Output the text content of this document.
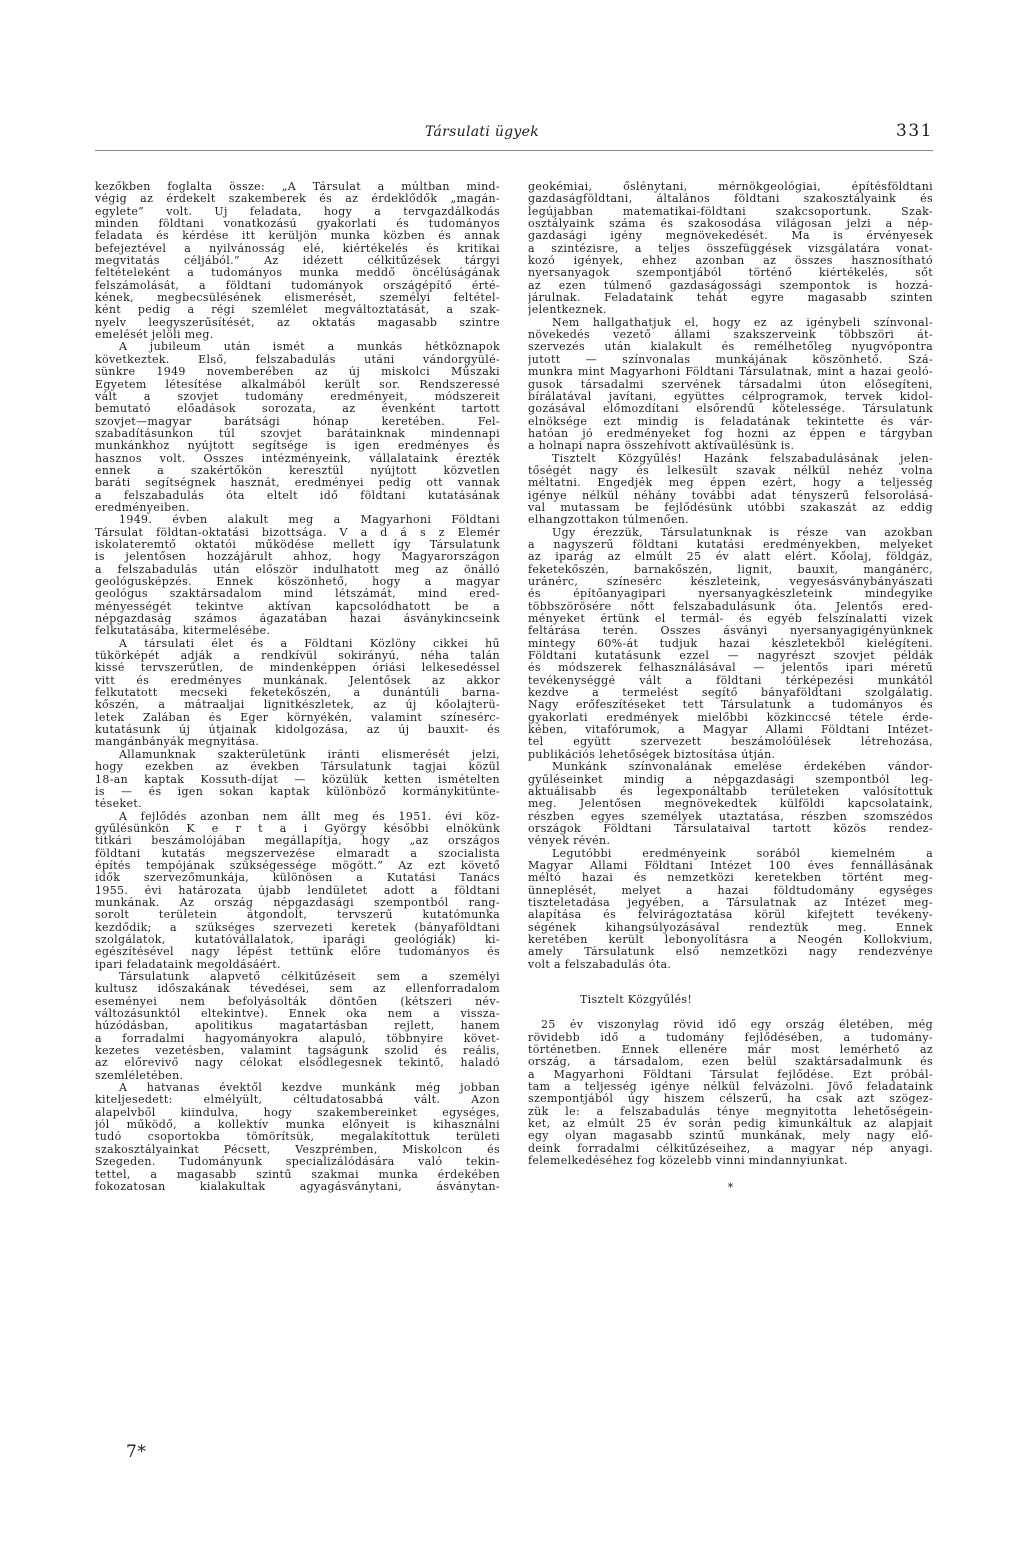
Társulati ügyek	331
kezőkben foglalta össze: „A Társulat a múltban mind-
végig az érdekelt szakemberek és az érdeklődők „magán-
egylete” volt. Új feladata, hogy a tervgazdálkodás
minden földtani vonatkozású gyakorlati és tudományos
feladata és kérdése itt kerüljön munka közben és annak
befejeztével a nyilvánosság elé, kiértékelés és kritikai
megvitatás céljából.” Az idézett célkitűzések tárgyi
feltételeként a tudományos munka meddő öncélúságának
felszámolását, a földtani tudományok országépítő érté-
kének, megbecsülésének elismerését, személyi feltétel-
ként pedig a régi szemlélet megváltoztatását, a szak-
nyelv leegyszerűsítését, az oktatás magasabb szintre
emelését jelöli meg.
A jubileum után ismét a munkás hétköznapok
következtek. Első, felszabadulás utáni vándorgyülé-
sünkre 1949 novemberében az új miskolci Műszaki
Egyetem létesítése alkalmából került sor. Rendszeressé
vált a szovjet tudomány eredményeit, módszereit
bemutató előadások sorozata, az évenként tartott
szovjet—magyar barátsági hónap keretében. Fel-
szabadításunkon túl szovjet barátainknak mindennapi
munkánkhoz nyújtott segítsége is igen eredményes és
hasznos volt. Összes intézményeink, vállalataink érezték
ennek a szakértőkön keresztül nyújtott közvetlen
baráti segítségnek hasznát, eredményei pedig ott vannak
a felszabadulás óta eltelt idő földtani kutatásának
eredményeiben.
1949. évben alakult meg a Magyarhoni Földtani
Társulat földtan-oktatási bizottsága. V a d á s z Elemér
iskolateremtő oktatói működése mellett így Társulatunk
is jelentősen hozzájárult ahhoz, hogy Magyarországon
a felszabadulás után először indulhatott meg az önálló
geológusképzés. Ennek köszönhető, hogy a magyar
geológus szaktársadalom mind létszámát, mind ered-
ményességét tekintve aktívan kapcsolódhatott be a
népgazdaság számos ágazatában hazai ásványkincseink
felkutatásába, kitermelésébe.
A társulati élet és a Földtani Közlöny cikkei hű
tükörképét adják a rendkívül sokirányú, néha talán
kissé tervszerűtlen, de mindenképpen óriási lelkesedéssel
vitt és eredményes munkának. Jelentősek az akkor
felkutatott mecseki feketekőszén, a dunántúli barna-
kőszén, a mátraaljai lignitkészletek, az új kőolajterü-
letek Zalában és Eger környékén, valamint színesérc-
kutatásunk új útjainak kidolgozása, az új bauxit- és
mangánbányák megnyitása.
Államunknak szakterületünk iránti elismerését jelzi,
hogy ezekben az években Társulatunk tagjai közül
18-an kaptak Kossuth-díjat — közülük ketten ismételten
is — és igen sokan kaptak különböző kormánykitünte-
téseket.
A fejlődés azonban nem állt meg és 1951. évi köz-
gyűlésünkön K e r t a i György későbbi elnökünk
titkári beszámolójában megállapítja, hogy „az országos
földtani kutatás megszervezése elmaradt a szocialista
építés tempójának szükségessége mögött.” Az ezt követő
idők szervezőmunkája, különösen a Kutatási Tanács
1955. évi határozata újabb lendületet adott a földtani
munkának. Az ország népgazdasági szempontból rang-
sorolt területein átgondolt, tervszerű kutatómunka
kezdődik; a szükséges szervezeti keretek (bányaföldtani
szolgálatok, kutatóvállalatok, iparági geológiák) ki-
egészítésével nagy lépést tettünk előre tudományos és
ipari feladataink megoldásáért.
Társulatunk alapvető célkitűzéseit sem a személyi
kultusz időszakának tévedései, sem az ellenforradalom
eseményei nem befolyásolták döntően (kétszeri név-
változásunktól eltekintve). Ennek oka nem a vissza-
húzódásban, apolitikus magatartásban rejlett, hanem
a forradalmi hagyományokra alapuló, többnyire követ-
kezetes vezetésben, valamint tagságunk szolid és reális,
az előrevivő nagy célokat elsődlegesnek tekintő, haladó
szemléletében.
A hatvanas évektől kezdve munkánk még jobban
kiteljesedett: elmélyült, céltudatosabbá vált. Azon
alapelvből kiindulva, hogy szakembereinket egységes,
jól működő, a kollektív munka előnyeit is kihasználni
tudó csoportokba tömörítsük, megalakítottuk területi
szakosztályainkat Pécsett, Veszprémben, Miskolcon és
Szegeden. Tudományunk specializálódására való tekin-
tettel, a magasabb szintű szakmai munka érdekében
fokozatosan kialakultak agyagásványtani, ásványtan-
geokémiai, őslénytani, mérnökgeológiai, építésföldtani
gazdaságföldtani, általános földtani szakosztályaink és
legújabban matematikai-földtani szakcsoportunk. Szak-
osztályaink száma és szakosodása világosan jelzi a nép-
gazdasági igény megnövekedését. Ma is érvényesek
a szintézisre, a teljes összefüggések vizsgálatára vonat-
kozó igények, ehhez azonban az összes hasznosítható
nyersanyagok szempontjából történő kiértékelés, sőt
az ezen túlmenő gazdaságossági szempontok is hozzá-
járulnak. Feladataink tehát egyre magasabb szinten
jelentkeznek.
Nem hallgathatjuk el, hogy ez az igénybeli színvonal-
növekedés vezető állami szakszerveink többszöri át-
szervezés után kialakult és remélhetőleg nyugvópontra
jutott — színvonalas munkájának köszönhető. Szá-
munkra mint Magyarhoni Földtani Társulatnak, mint a hazai geoló-
gusok társadalmi szervének társadalmi úton elősegíteni,
bírálatával javítani, együttes célprogramok, tervek kidol-
gozásával előmozdítani elsőrendű kötelessége. Társulatunk
elnöksége ezt mindig is feladatának tekintette és vár-
hatóan jó eredményeket fog hozni az éppen e tárgyban
a holnapi napra összehívott aktívaülésünk is.
Tisztelt Közgyűlés! Hazánk felszabadulásának jelen-
tőségét nagy és lelkesült szavak nélkül nehéz volna
méltatni. Engedjék meg éppen ezért, hogy a teljesség
igénye nélkül néhány további adat tényszerű felsorolásá-
val mutassam be fejlődésünk utóbbi szakaszát az eddig
elhangzottakon túlmenően.
Úgy érezzük, Társulatunknak is része van azokban
a nagyszerű földtani kutatási eredményekben, melyeket
az iparág az elmúlt 25 év alatt elért. Kőolaj, földgáz,
feketekőszén, barnakőszén, lignit, bauxit, mangánérc,
uránérc, színesérc készleteink, vegyesásványbányászati
és építőanyagipari nyersanyagkészleteink mindegyike
többszörösére nőtt felszabadulásunk óta. Jelentős ered-
ményeket értünk el termál- és egyéb felszínalatti vizek
feltárása terén. Összes ásványi nyersanyagigényünknek
mintegy 60%-át tudjuk hazai készletekből kielégíteni.
Földtani kutatásunk ezzel — nagyrészt szovjet példák
és módszerek felhasználásával — jelentős ipari méretű
tevékenységgé vált a földtani térképezési munkától
kezdve a termelést segítő bányaföldtani szolgálatig.
Nagy erőfeszítéseket tett Társulatunk a tudományos és
gyakorlati eredmények mielőbbi közkinccsé tétele érde-
kében, vitafórumok, a Magyar Állami Földtani Intézet-
tel együtt szervezett beszámolóülések létrehozása,
publikációs lehetőségek biztosítása útján.
Munkánk színvonalának emelése érdekében vándor-
gyűléseinket mindig a népgazdasági szempontból leg-
aktuálisabb és legexponáltabb területeken valósítottuk
meg. Jelentősen megnövekedtek külföldi kapcsolataink,
részben egyes személyek utaztatása, részben szomszédos
országok Földtani Társulataival tartott közös rendez-
vények révén.
Legutóbbi eredményeink sorából kiemelném a
Magyar Állami Földtani Intézet 100 éves fennállásának
méltó hazai és nemzetközi keretekben történt meg-
ünneplését, melyet a hazai földtudomány egységes
tiszteletadása jegyében, a Társulatnak az Intézet meg-
alapítása és felvirágoztatása körül kifejtett tevékeny-
ségének kihangsúlyozásával rendeztük meg. Ennek
keretében került lebonyolításra a Neogén Kollokvium,
amely Társulatunk első nemzetközi nagy rendezvénye
volt a felszabadulás óta.
Tisztelt Közgyűlés!
25 év viszonylag rövid idő egy ország életében, még
rövidebb idő a tudomány fejlődésében, a tudomány-
történetben. Ennek ellenére már most lemérhető az
ország, a társadalom, ezen belül szaktársadalmunk és
a Magyarhoni Földtani Társulat fejlődése. Ezt próbál-
tam a teljesség igénye nélkül felvázolni. Jövő feladataink
szempontjából úgy hiszem célszerű, ha csak azt szögez-
zük le: a felszabadulás ténye megnyitotta lehetőségein-
ket, az elmúlt 25 év során pedig kimunkáltuk az alapjait
egy olyan magasabb szintű munkának, mely nagy elő-
deink forradalmi célkitűzéseihez, a magyar nép anyagi.
felemelkedéséhez fog közelebb vinni mindannyiunkat.
*
7*
